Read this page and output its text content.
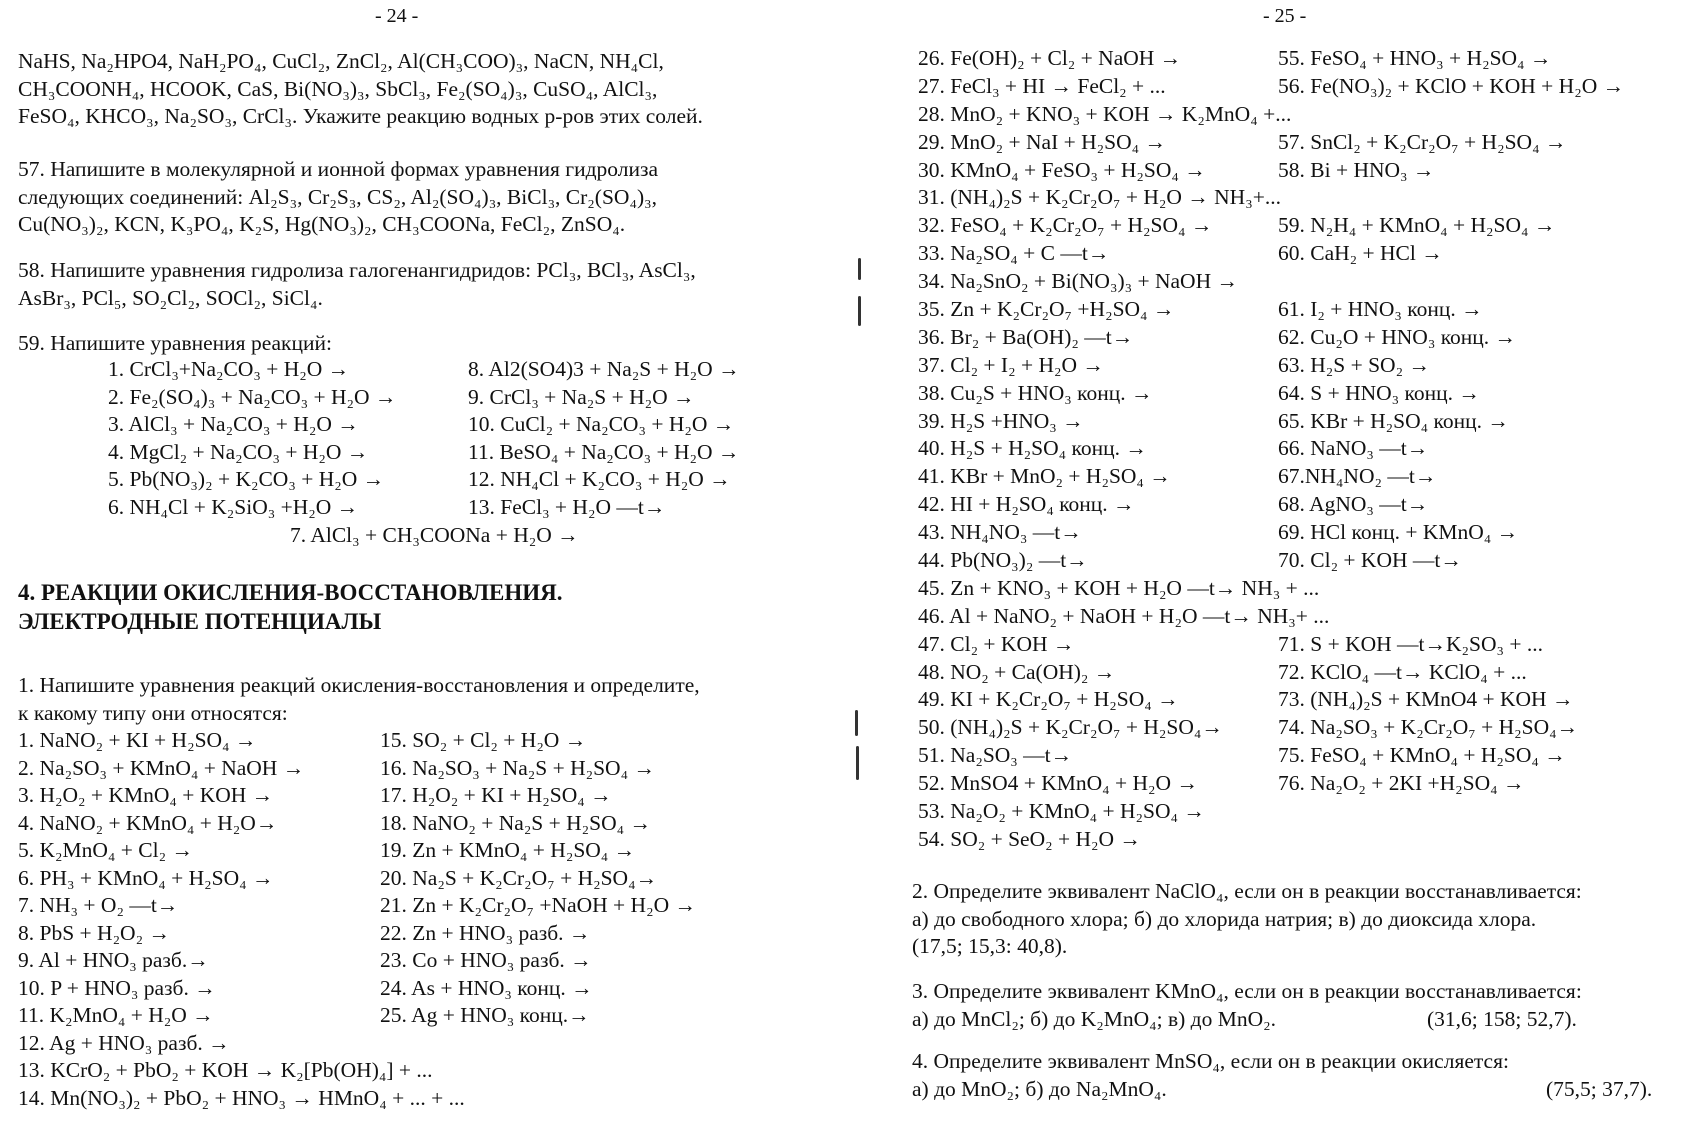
- 24 -
NaHS, Na₂HPO4, NaH₂PO₄, CuCl₂, ZnCl₂, Al(CH₃COO)₃, NaCN, NH₄Cl,
CH₃COONH₄, HCOOK, CaS, Bi(NO₃)₃, SbCl₃, Fe₂(SO₄)₃, CuSO₄, AlCl₃,
FeSO₄, KHCO₃, Na₂SO₃, CrCl₃. Укажите реакцию водных р-ров этих солей.
57. Напишите в молекулярной и ионной формах уравнения гидролиза
следующих соединений: Al₂S₃, Cr₂S₃, CS₂, Al₂(SO₄)₃, BiCl₃, Cr₂(SO₄)₃,
Cu(NO₃)₂, KCN, K₃PO₄, K₂S, Hg(NO₃)₂, CH₃COONa, FeCl₂, ZnSO₄.
58. Напишите уравнения гидролиза галогенангидридов: PCl₃, BCl₃, AsCl₃,
AsBr₃, PCl₅, SO₂Cl₂, SOCl₂, SiCl₄.
59. Напишите уравнения реакций:
1. CrCl₃+Na₂CO₃ + H₂O →
2. Fe₂(SO₄)₃ + Na₂CO₃ + H₂O →
3. AlCl₃ + Na₂CO₃ + H₂O →
4. MgCl₂ + Na₂CO₃ + H₂O →
5. Pb(NO₃)₂ + K₂CO₃ + H₂O →
6. NH₄Cl + K₂SiO₃ +H₂O →
8. Al2(SO4)3 + Na₂S + H₂O →
9. CrCl₃ + Na₂S + H₂O →
10. CuCl₂ + Na₂CO₃ + H₂O →
11. BeSO₄ + Na₂CO₃ + H₂O →
12. NH₄Cl + K₂CO₃ + H₂O →
13. FeCl₃ + H₂O —t→
7. AlCl₃ + CH₃COONa + H₂O →
4. РЕАКЦИИ ОКИСЛЕНИЯ-ВОССТАНОВЛЕНИЯ.
ЭЛЕКТРОДНЫЕ ПОТЕНЦИАЛЫ
1. Напишите уравнения реакций окисления-восстановления и определите,
к какому типу они относятся:
1. NaNO₂ + KI + H₂SO₄ →
2. Na₂SO₃ + KMnO₄ + NaOH →
3. H₂O₂ + KMnO₄ + KOH →
4. NaNO₂ + KMnO₄ + H₂O→
5. K₂MnO₄ + Cl₂ →
6. PH₃ + KMnO₄ + H₂SO₄ →
7. NH₃ + O₂ —t→
8. PbS + H₂O₂ →
9. Al + HNO₃ разб.→
10. P + HNO₃ разб. →
11. K₂MnO₄ + H₂O →
12. Ag + HNO₃ разб. →
13. KCrO₂ + PbO₂ + KOH → K₂[Pb(OH)₄] + ...
14. Mn(NO₃)₂ + PbO₂ + HNO₃ → HMnO₄ + ... + ...
15. SO₂ + Cl₂ + H₂O →
16. Na₂SO₃ + Na₂S + H₂SO₄ →
17. H₂O₂ + KI + H₂SO₄ →
18. NaNO₂ + Na₂S + H₂SO₄ →
19. Zn + KMnO₄ + H₂SO₄ →
20. Na₂S + K₂Cr₂O₇ + H₂SO₄→
21. Zn + K₂Cr₂O₇ +NaOH + H₂O →
22. Zn + HNO₃ разб. →
23. Co + HNO₃ разб. →
24. As + HNO₃ конц. →
25. Ag + HNO₃ конц.→
- 25 -
26. Fe(OH)₂ + Cl₂ + NaOH →
27. FeCl₃ + HI → FeCl₂ + ...
28. MnO₂ + KNO₃ + KOH → K₂MnO₄ +...
29. MnO₂ + NaI + H₂SO₄ →
30. KMnO₄ + FeSO₃ + H₂SO₄ →
31. (NH₄)₂S + K₂Cr₂O₇ + H₂O → NH₃+...
32. FeSO₄ + K₂Cr₂O₇ + H₂SO₄ →
33. Na₂SO₄ + C —t→
34. Na₂SnO₂ + Bi(NO₃)₃ + NaOH →
35. Zn + K₂Cr₂O₇ +H₂SO₄ →
36. Br₂ + Ba(OH)₂ —t→
37. Cl₂ + I₂ + H₂O →
38. Cu₂S + HNO₃ конц. →
39. H₂S +HNO₃ →
40. H₂S + H₂SO₄ конц. →
41. KBr + MnO₂ + H₂SO₄ →
42. HI + H₂SO₄ конц. →
43. NH₄NO₃ —t→
44. Pb(NO₃)₂ —t→
45. Zn + KNO₃ + KOH + H₂O —t→ NH₃ + ...
46. Al + NaNO₂ + NaOH + H₂O —t→ NH₃+ ...
47. Cl₂ + KOH →
48. NO₂ + Ca(OH)₂ →
49. KI + K₂Cr₂O₇ + H₂SO₄ →
50. (NH₄)₂S + K₂Cr₂O₇ + H₂SO₄→
51. Na₂SO₃ —t→
52. MnSO4 + KMnO₄ + H₂O →
53. Na₂O₂ + KMnO₄ + H₂SO₄ →
54. SO₂ + SeO₂ + H₂O →
55. FeSO₄ + HNO₃ + H₂SO₄ →
56. Fe(NO₃)₂ + KClO + KOH + H₂O →
57. SnCl₂ + K₂Cr₂O₇ + H₂SO₄ →
58. Bi + HNO₃ →
59. N₂H₄ + KMnO₄ + H₂SO₄ →
60. CaH₂ + HCl →
61. I₂ + HNO₃ конц. →
62. Cu₂O + HNO₃ конц. →
63. H₂S + SO₂ →
64. S + HNO₃ конц. →
65. KBr + H₂SO₄ конц. →
66. NaNO₃ —t→
67.NH₄NO₂ —t→
68. AgNO₃ —t→
69. HCl конц. + KMnO₄ →
70. Cl₂ + KOH —t→
71. S + KOH —t→K₂SO₃ + ...
72. KClO₄ —t→ KClO₄ + ...
73. (NH₄)₂S + KMnO4 + KOH →
74. Na₂SO₃ + K₂Cr₂O₇ + H₂SO₄→
75. FeSO₄ + KMnO₄ + H₂SO₄ →
76. Na₂O₂ + 2KI +H₂SO₄ →
2. Определите эквивалент NaClO₄, если он в реакции восстанавливается:
а) до свободного хлора; б) до хлорида натрия; в) до диоксида хлора.
(17,5; 15,3: 40,8).
3. Определите эквивалент KMnO₄, если он в реакции восстанавливается:
а) до MnCl₂; б) до K₂MnO₄; в) до MnO₂.	(31,6; 158; 52,7).
4. Определите эквивалент MnSO₄, если он в реакции окисляется:
а) до MnO₂; б) до Na₂MnO₄.	(75,5; 37,7).
